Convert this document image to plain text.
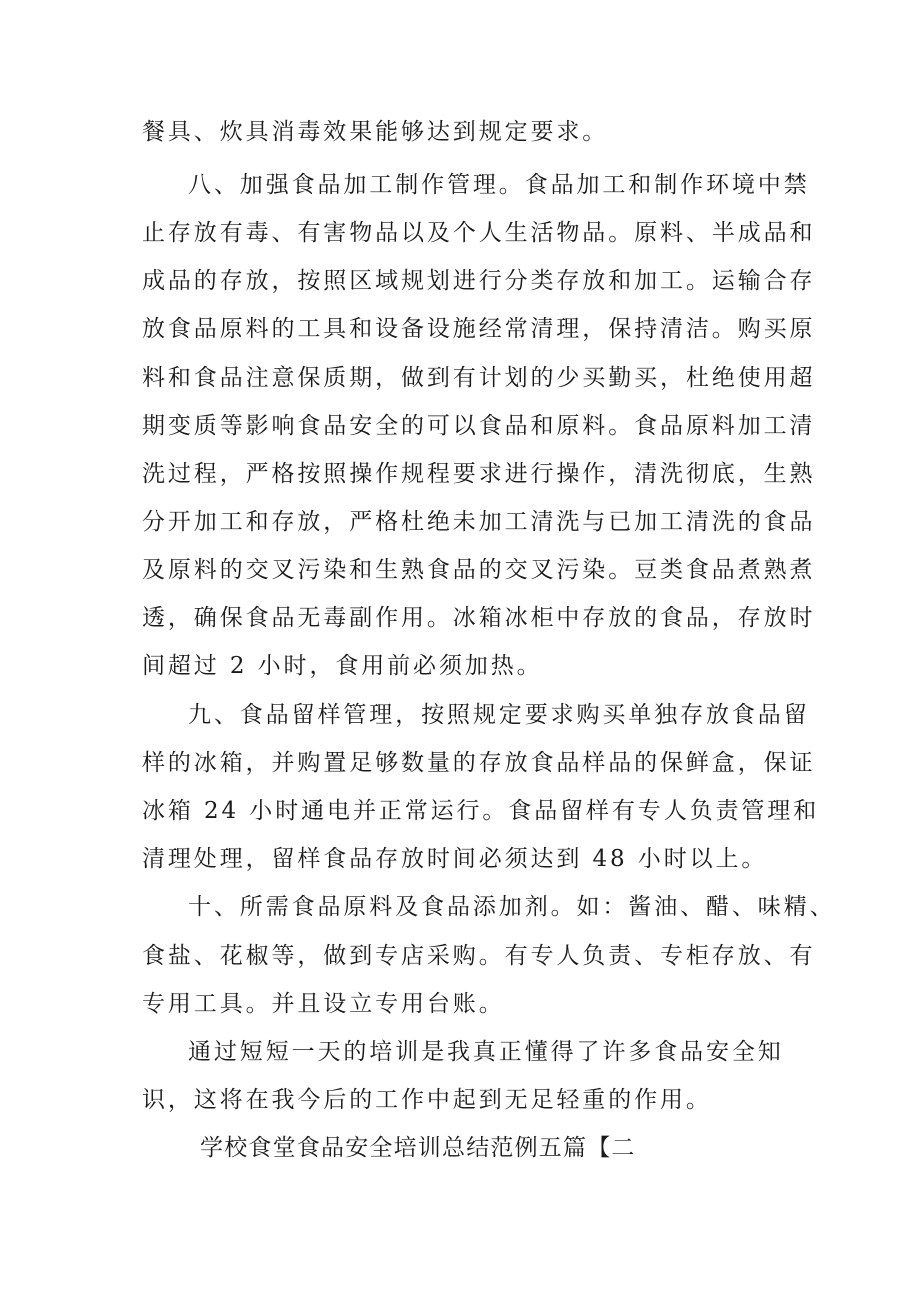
餐具、炊具消毒效果能够达到规定要求。
八、加强食品加工制作管理。食品加工和制作环境中禁
止存放有毒、有害物品以及个人生活物品。原料、半成品和
成品的存放，按照区域规划进行分类存放和加工。运输合存
放食品原料的工具和设备设施经常清理，保持清洁。购买原
料和食品注意保质期，做到有计划的少买勤买，杜绝使用超
期变质等影响食品安全的可以食品和原料。食品原料加工清
洗过程，严格按照操作规程要求进行操作，清洗彻底，生熟
分开加工和存放，严格杜绝未加工清洗与已加工清洗的食品
及原料的交叉污染和生熟食品的交叉污染。豆类食品煮熟煮
透，确保食品无毒副作用。冰箱冰柜中存放的食品，存放时
间超过 2 小时，食用前必须加热。
九、食品留样管理，按照规定要求购买单独存放食品留
样的冰箱，并购置足够数量的存放食品样品的保鲜盒，保证
冰箱 24 小时通电并正常运行。食品留样有专人负责管理和
清理处理，留样食品存放时间必须达到 48 小时以上。
十、所需食品原料及食品添加剂。如：酱油、醋、味精、
食盐、花椒等，做到专店采购。有专人负责、专柜存放、有
专用工具。并且设立专用台账。
通过短短一天的培训是我真正懂得了许多食品安全知
识，这将在我今后的工作中起到无足轻重的作用。
学校食堂食品安全培训总结范例五篇【二
